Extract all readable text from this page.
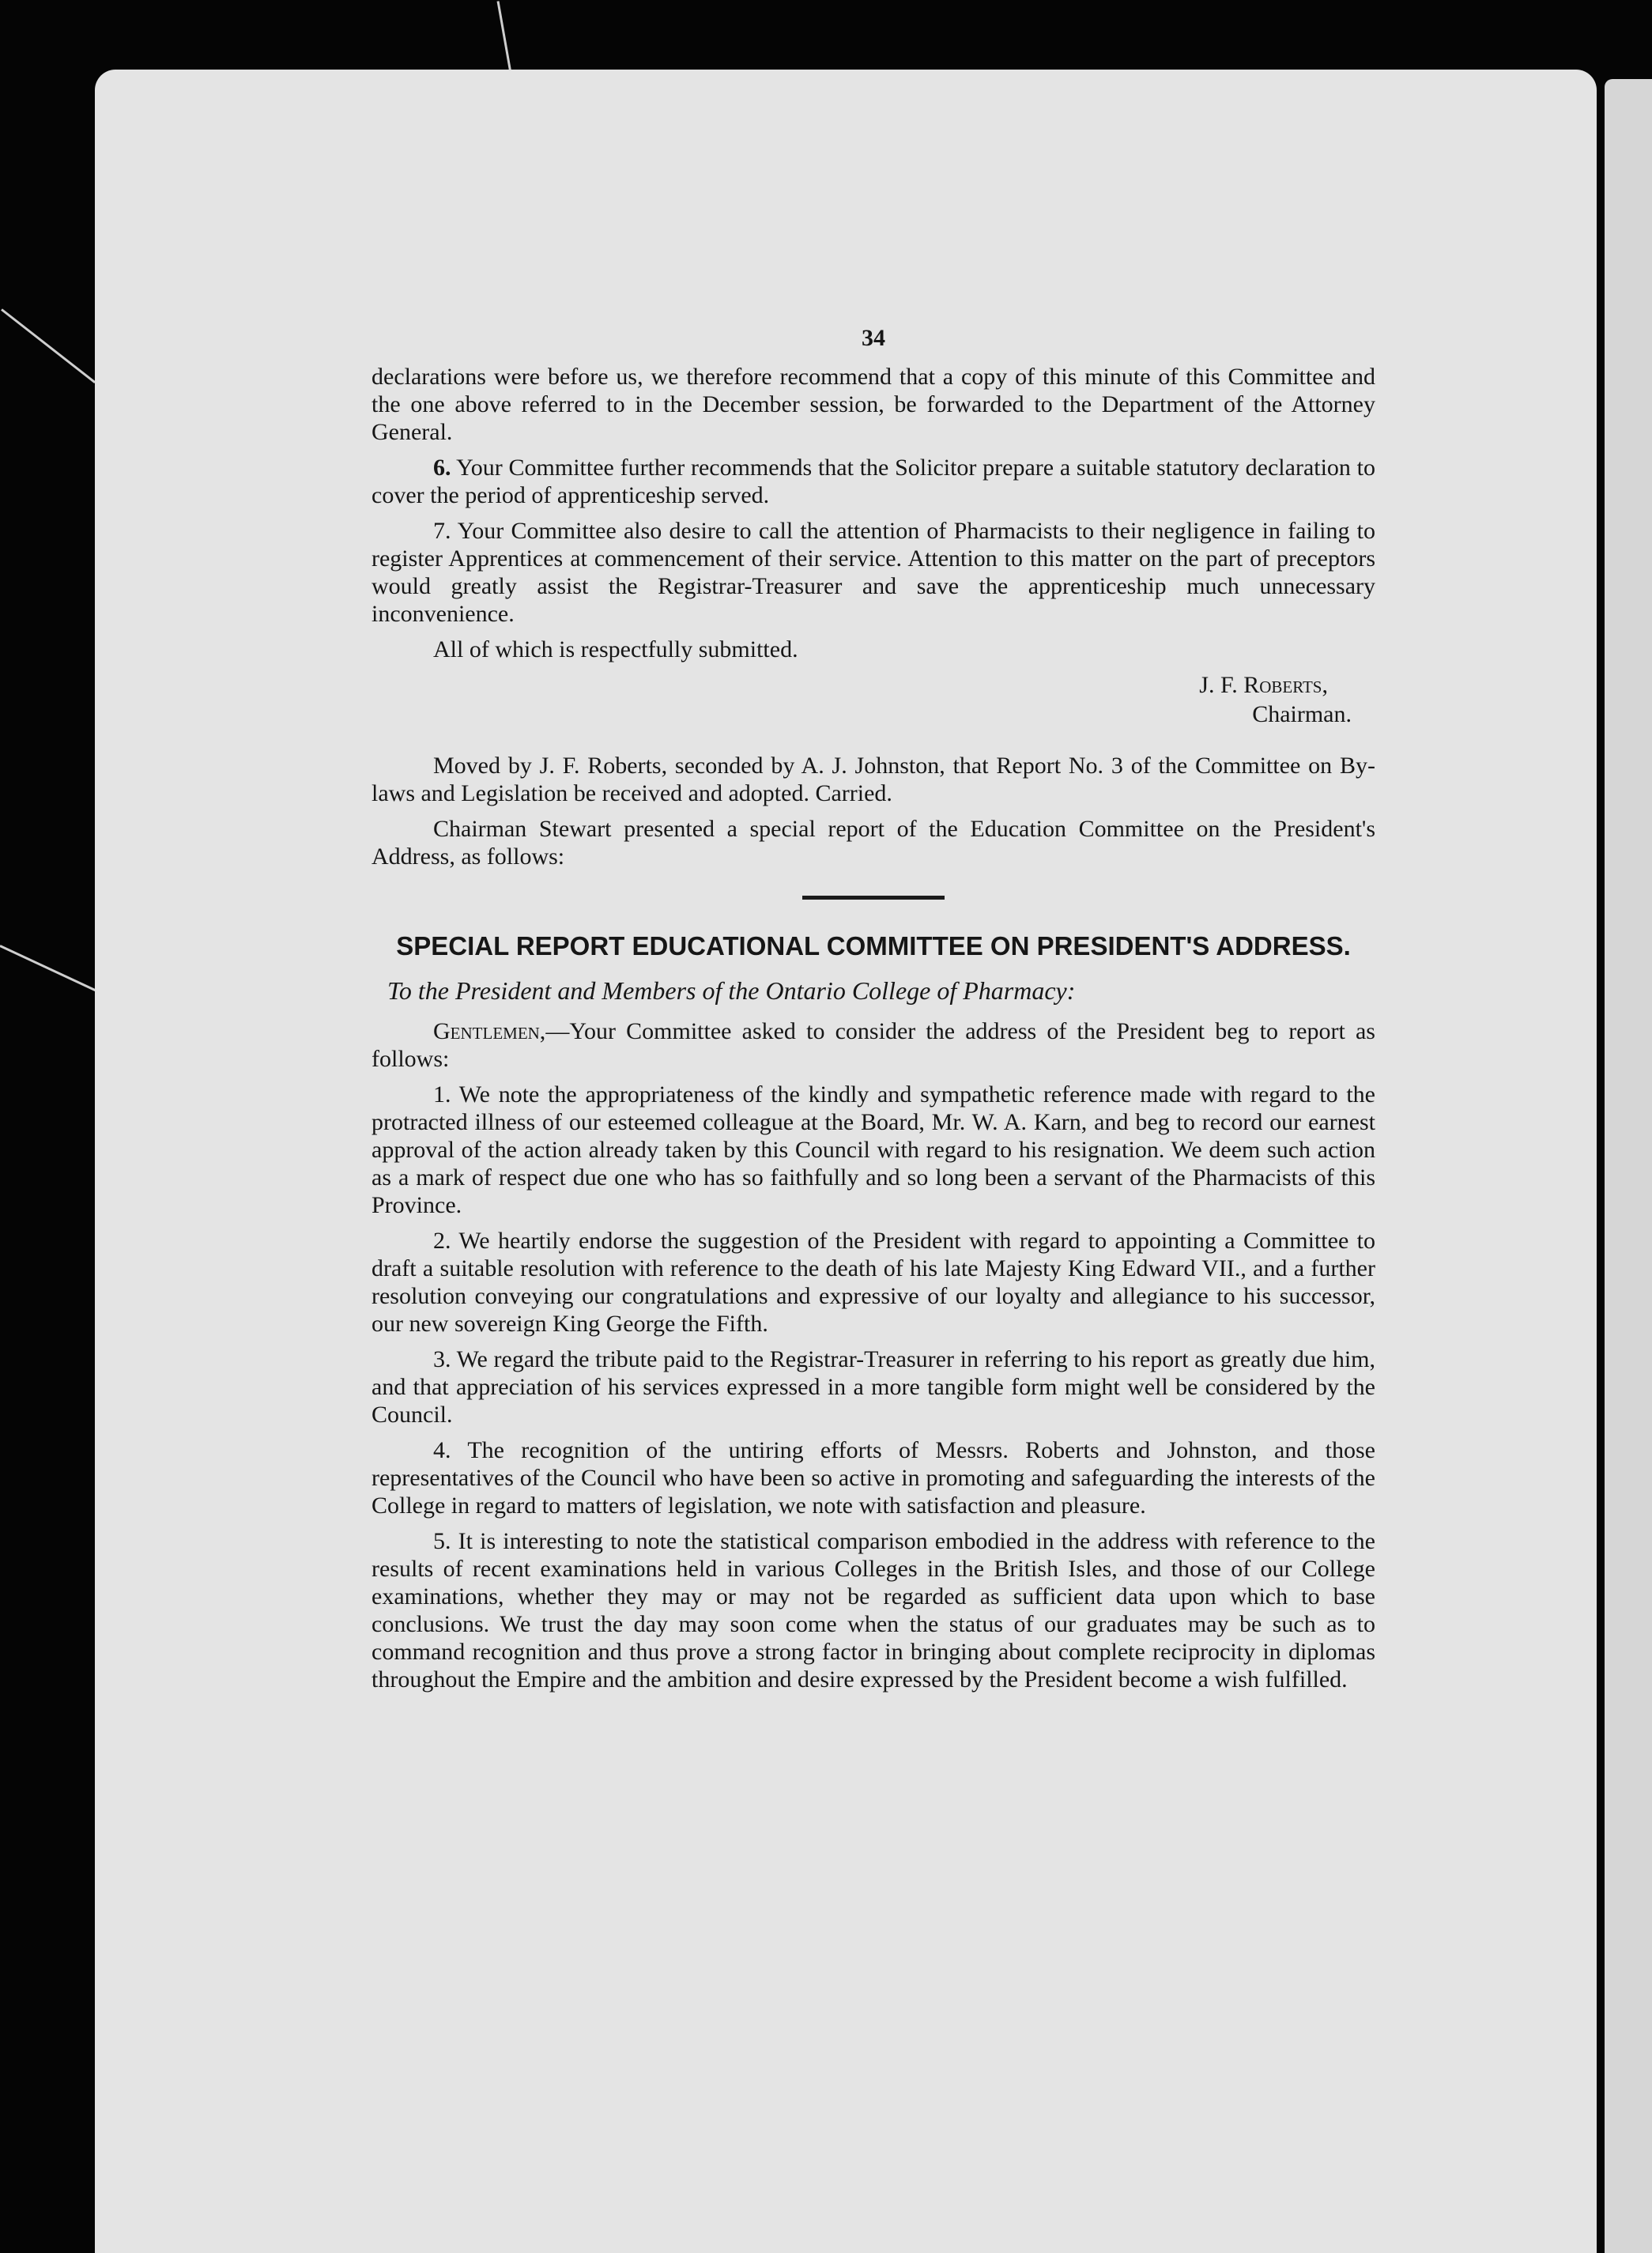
34

declarations were before us, we therefore recommend that a copy of this minute of this Committee and the one above referred to in the December session, be forwarded to the Department of the Attorney General.

6. Your Committee further recommends that the Solicitor prepare a suitable statutory declaration to cover the period of apprenticeship served.

7. Your Committee also desire to call the attention of Pharmacists to their negligence in failing to register Apprentices at commencement of their service. Attention to this matter on the part of preceptors would greatly assist the Registrar-Treasurer and save the apprenticeship much unnecessary inconvenience.

All of which is respectfully submitted.

J. F. Roberts,
Chairman.

Moved by J. F. Roberts, seconded by A. J. Johnston, that Report No. 3 of the Committee on By-laws and Legislation be received and adopted. Carried.

Chairman Stewart presented a special report of the Education Committee on the President's Address, as follows:

SPECIAL REPORT EDUCATIONAL COMMITTEE ON PRESIDENT'S ADDRESS.
To the President and Members of the Ontario College of Pharmacy:

Gentlemen,—Your Committee asked to consider the address of the President beg to report as follows:

1. We note the appropriateness of the kindly and sympathetic reference made with regard to the protracted illness of our esteemed colleague at the Board, Mr. W. A. Karn, and beg to record our earnest approval of the action already taken by this Council with regard to his resignation. We deem such action as a mark of respect due one who has so faithfully and so long been a servant of the Pharmacists of this Province.

2. We heartily endorse the suggestion of the President with regard to appointing a Committee to draft a suitable resolution with reference to the death of his late Majesty King Edward VII., and a further resolution conveying our congratulations and expressive of our loyalty and allegiance to his successor, our new sovereign King George the Fifth.

3. We regard the tribute paid to the Registrar-Treasurer in referring to his report as greatly due him, and that appreciation of his services expressed in a more tangible form might well be considered by the Council.

4. The recognition of the untiring efforts of Messrs. Roberts and Johnston, and those representatives of the Council who have been so active in promoting and safeguarding the interests of the College in regard to matters of legislation, we note with satisfaction and pleasure.

5. It is interesting to note the statistical comparison embodied in the address with reference to the results of recent examinations held in various Colleges in the British Isles, and those of our College examinations, whether they may or may not be regarded as sufficient data upon which to base conclusions. We trust the day may soon come when the status of our graduates may be such as to command recognition and thus prove a strong factor in bringing about complete reciprocity in diplomas throughout the Empire and the ambition and desire expressed by the President become a wish fulfilled.
